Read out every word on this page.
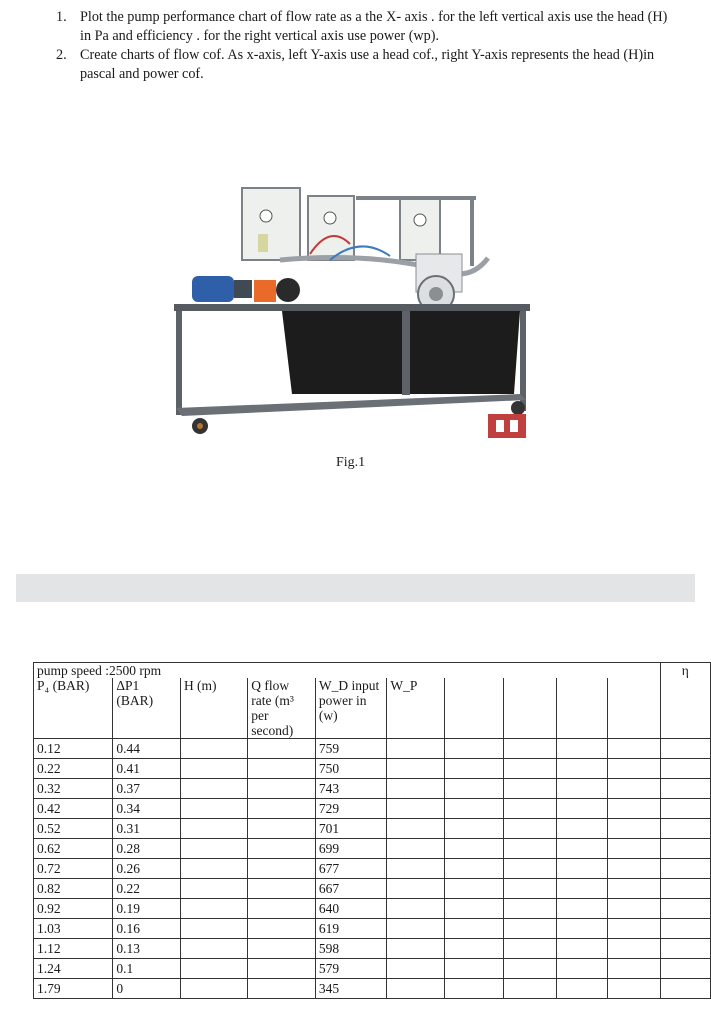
1. Plot the pump performance chart of flow rate as a the X- axis . for the left vertical axis use the head (H) in Pa and efficiency . for the right vertical axis use power (wp).
2. Create charts of flow cof. As x-axis, left Y-axis use a head cof., right Y-axis represents the head (H)in pascal and power cof.
Fig.1
pump speed :2500 rpm										η
P₄ (BAR)	ΔP1 (BAR)	H (m)	Q flow rate (m³ per second)	W_D input power in (w)	W_P					
0.12	0.44			759						
0.22	0.41			750						
0.32	0.37			743						
0.42	0.34			729						
0.52	0.31			701						
0.62	0.28			699						
0.72	0.26			677						
0.82	0.22			667						
0.92	0.19			640						
1.03	0.16			619						
1.12	0.13			598						
1.24	0.1			579						
1.79	0			345						
